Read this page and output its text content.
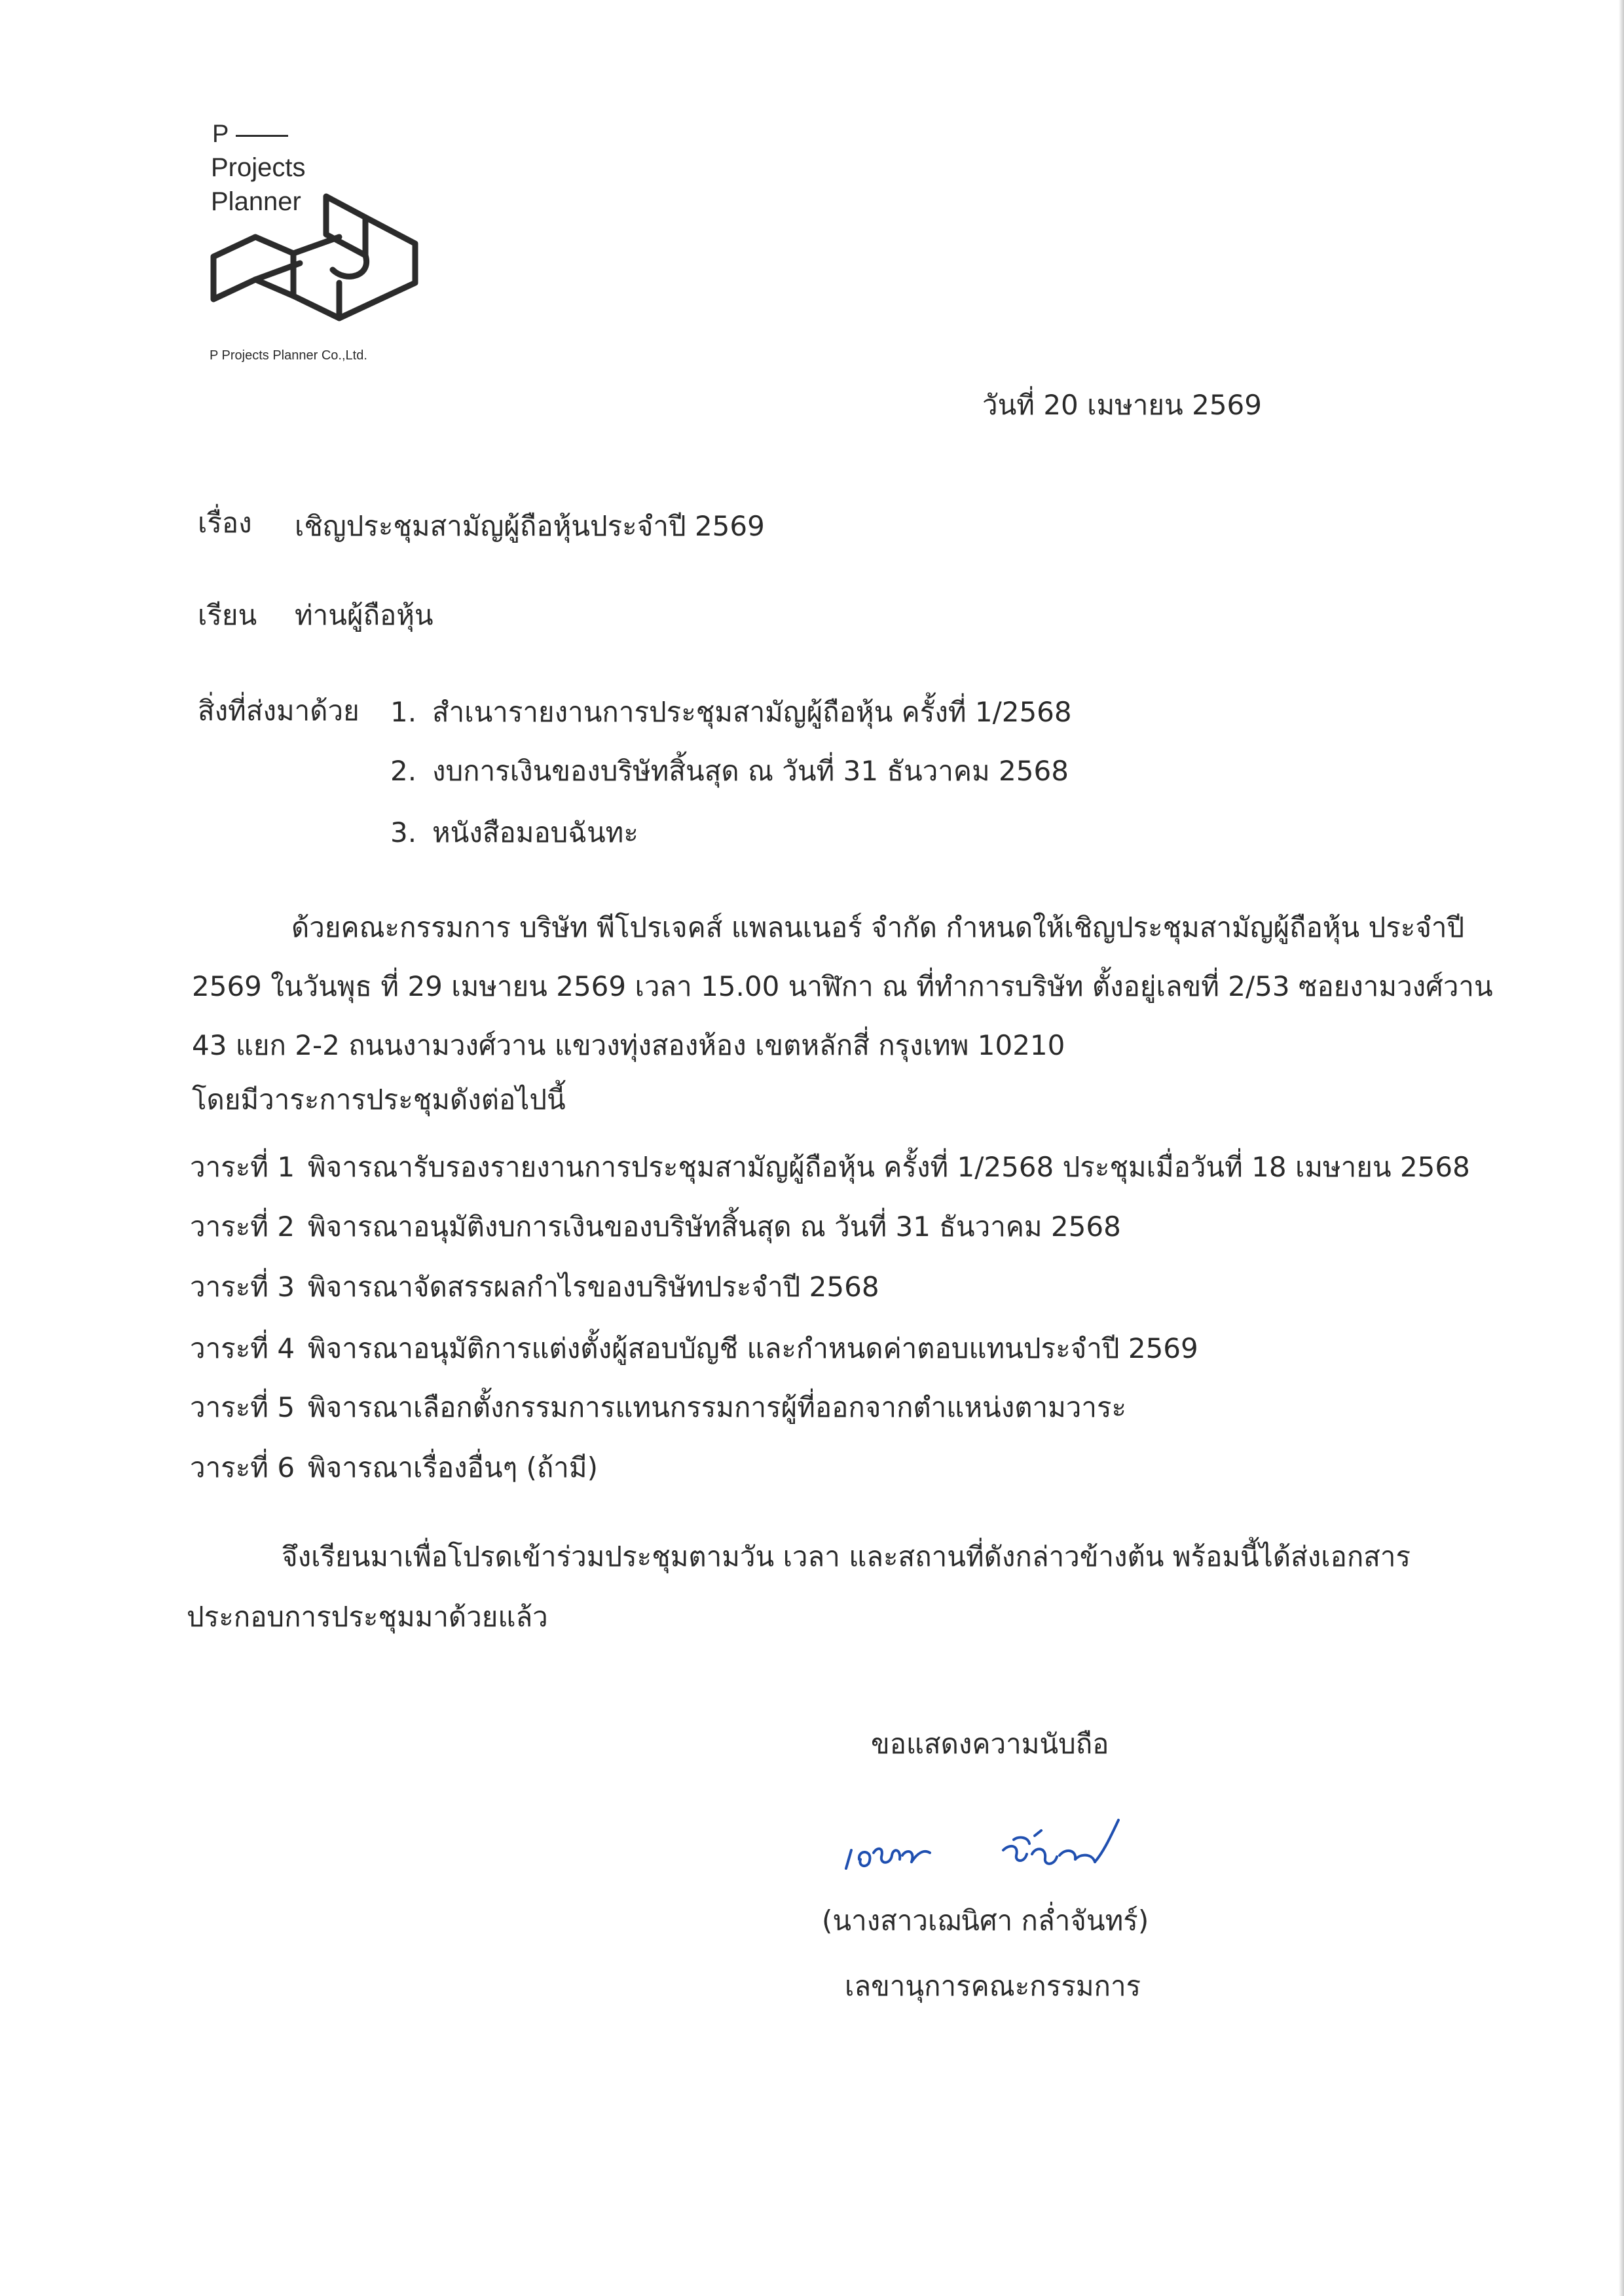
P
Projects
Planner
P Projects Planner Co.,Ltd.
วันที่ 20 เมษายน 2569
เรื่อง เชิญประชุมสามัญผู้ถือหุ้นประจำปี 2569
เรียน ท่านผู้ถือหุ้น
สิ่งที่ส่งมาด้วย 1. สำเนารายงานการประชุมสามัญผู้ถือหุ้น ครั้งที่ 1/2568
2. งบการเงินของบริษัทสิ้นสุด ณ วันที่ 31 ธันวาคม 2568
3. หนังสือมอบฉันทะ
ด้วยคณะกรรมการ บริษัท พีโปรเจคส์ แพลนเนอร์ จำกัด กำหนดให้เชิญประชุมสามัญผู้ถือหุ้น ประจำปี
2569 ในวันพุธ ที่ 29 เมษายน 2569 เวลา 15.00 นาฬิกา ณ ที่ทำการบริษัท ตั้งอยู่เลขที่ 2/53 ซอยงามวงศ์วาน
43 แยก 2-2 ถนนงามวงศ์วาน แขวงทุ่งสองห้อง เขตหลักสี่ กรุงเทพ 10210
โดยมีวาระการประชุมดังต่อไปนี้
วาระที่ 1 พิจารณารับรองรายงานการประชุมสามัญผู้ถือหุ้น ครั้งที่ 1/2568 ประชุมเมื่อวันที่ 18 เมษายน 2568
วาระที่ 2 พิจารณาอนุมัติงบการเงินของบริษัทสิ้นสุด ณ วันที่ 31 ธันวาคม 2568
วาระที่ 3 พิจารณาจัดสรรผลกำไรของบริษัทประจำปี 2568
วาระที่ 4 พิจารณาอนุมัติการแต่งตั้งผู้สอบบัญชี และกำหนดค่าตอบแทนประจำปี 2569
วาระที่ 5 พิจารณาเลือกตั้งกรรมการแทนกรรมการผู้ที่ออกจากตำแหน่งตามวาระ
วาระที่ 6 พิจารณาเรื่องอื่นๆ (ถ้ามี)
จึงเรียนมาเพื่อโปรดเข้าร่วมประชุมตามวัน เวลา และสถานที่ดังกล่าวข้างต้น พร้อมนี้ได้ส่งเอกสาร
ประกอบการประชุมมาด้วยแล้ว
ขอแสดงความนับถือ
(นางสาวเฌนิศา กล่ำจันทร์)
เลขานุการคณะกรรมการ
